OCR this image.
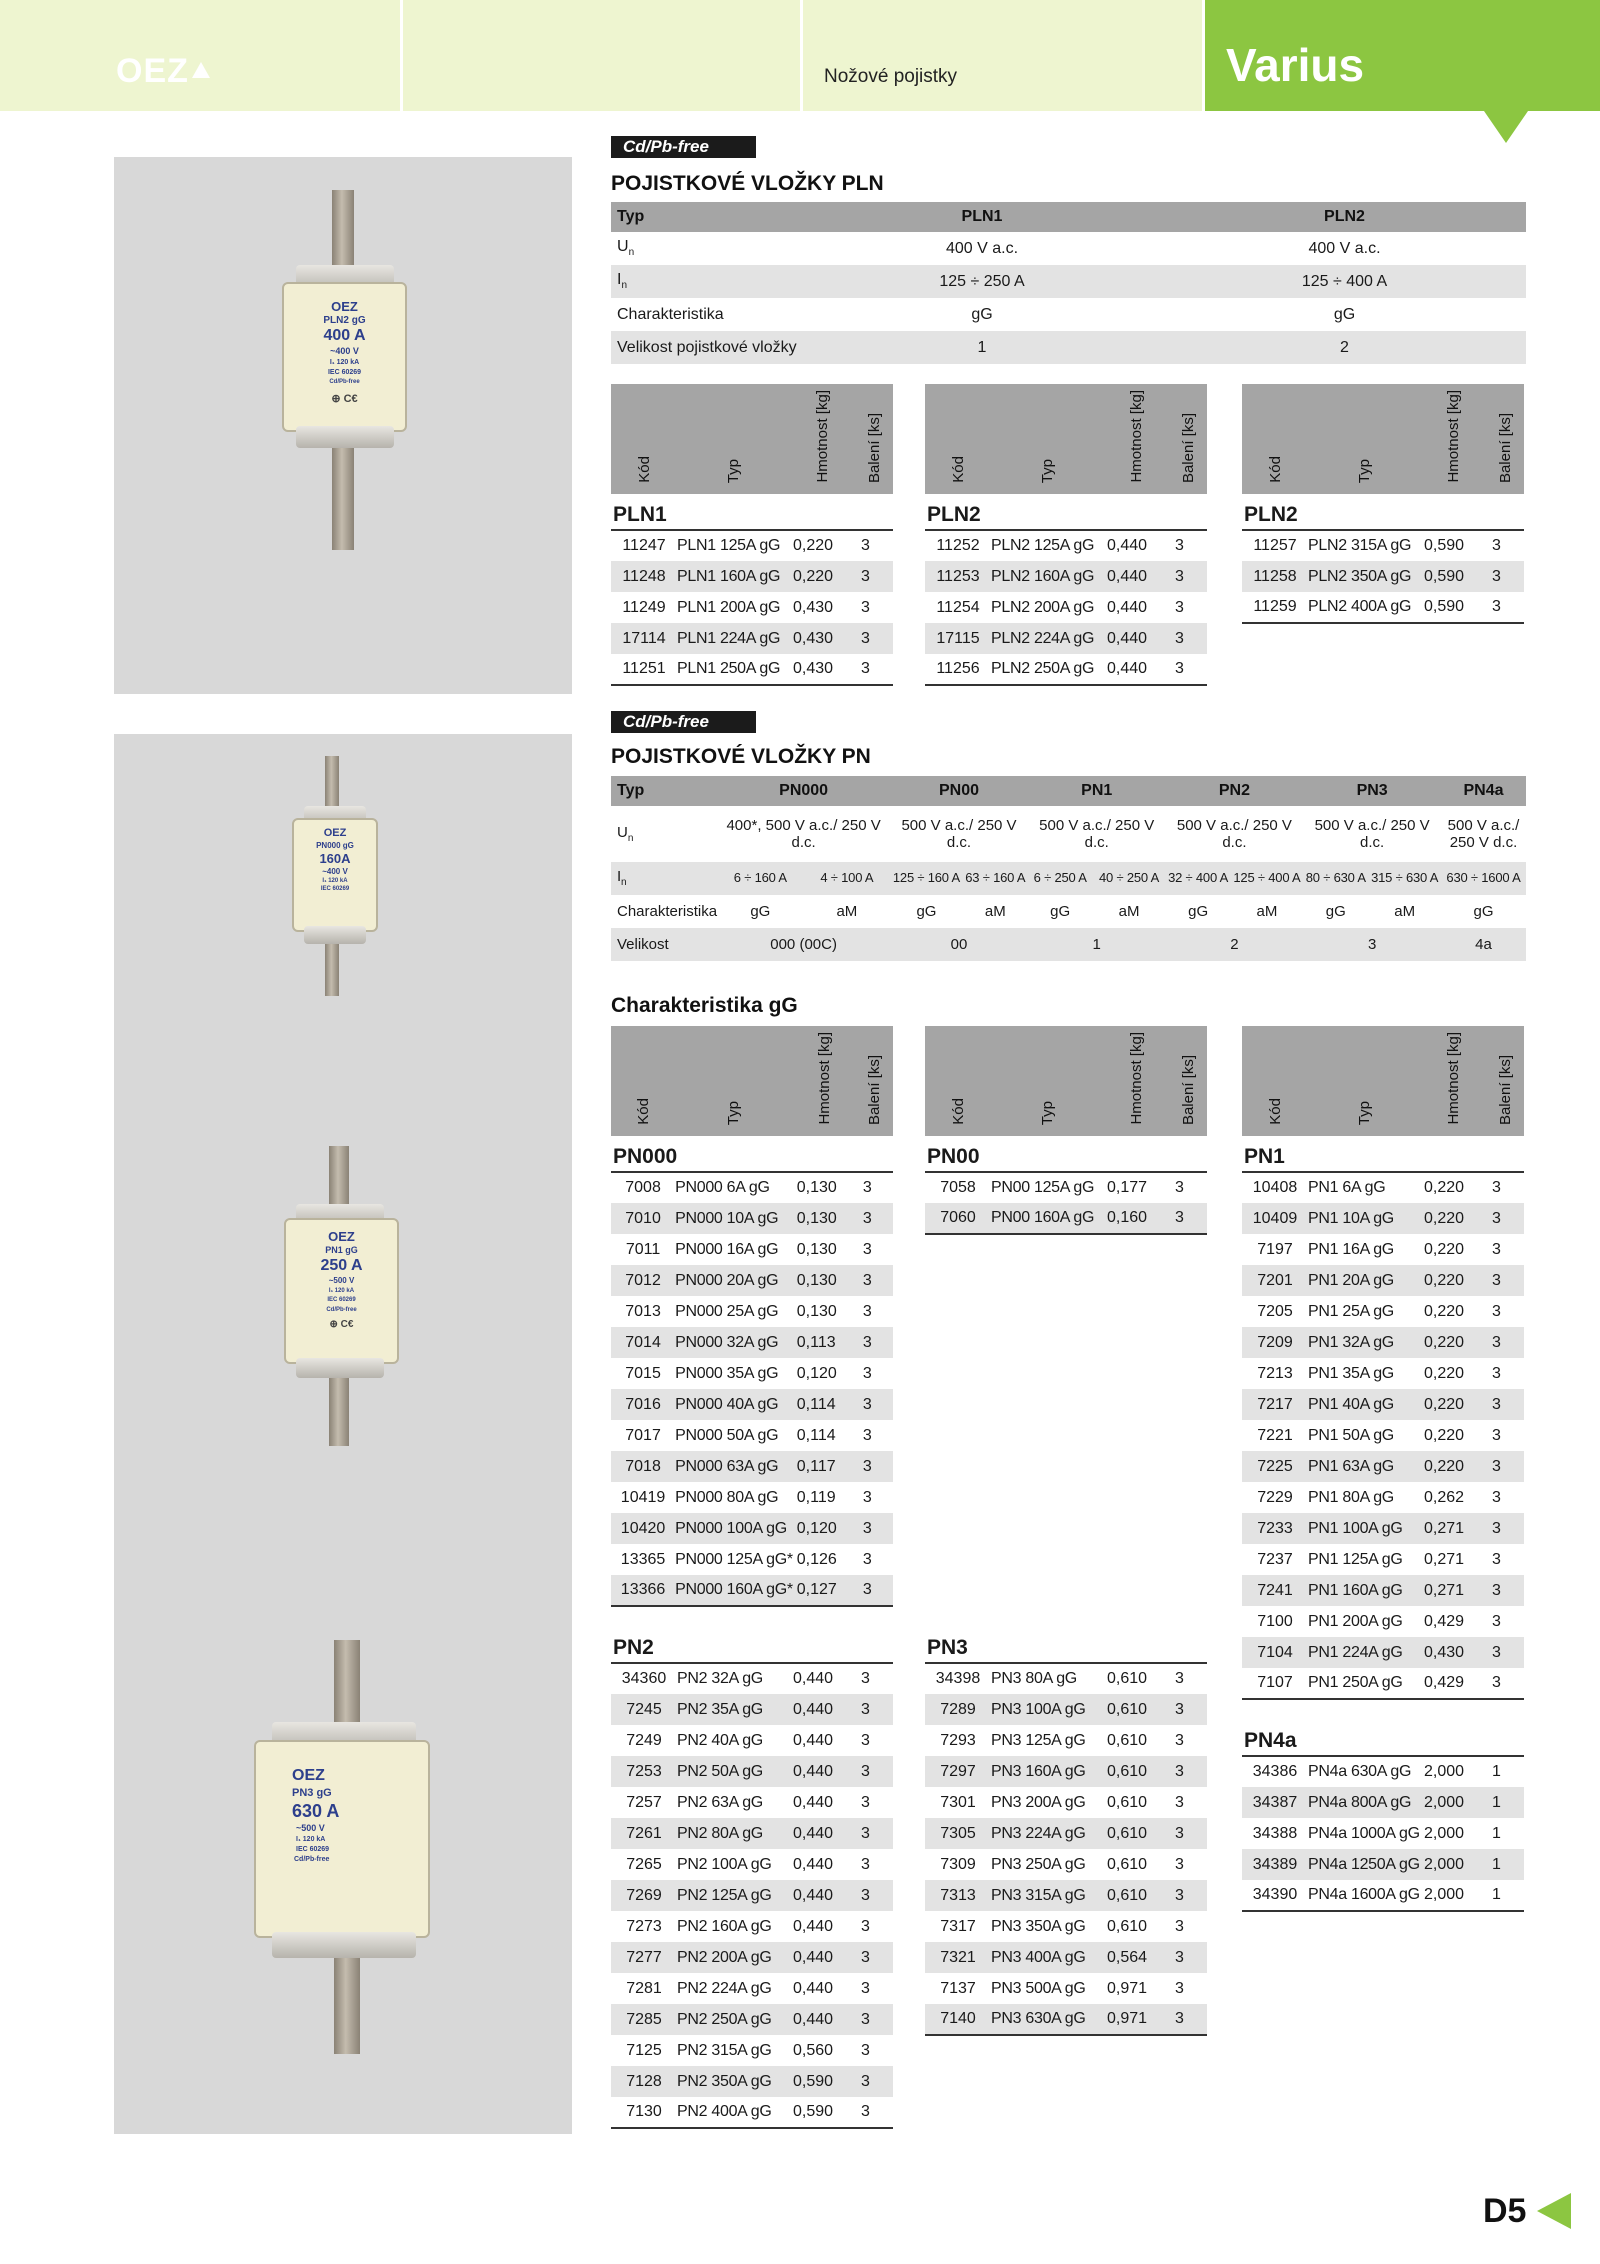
OEZ	Nožové pojistky	Varius
OEZ
PLN2 gG
400 A
~400 V
I₁ 120 kA
IEC 60269
Cd/Pb-free
⊕ C€
OEZ
PN000 gG
160A
~400 V
I₁ 120 kA
IEC 60269
OEZ
PN1 gG
250 A
~500 V
I₁ 120 kA
IEC 60269
Cd/Pb-free
⊕ C€
OEZ
PN3 gG
630 A
~500 V
I₁ 120 kA
IEC 60269
Cd/Pb-free
Cd/Pb-free
POJISTKOVÉ VLOŽKY PLN
Typ	PLN1	PLN2
$U_n$	400 V a.c.	400 V a.c.
$I_n$	125 ÷ 250 A	125 ÷ 400 A
Charakteristika	gG	gG
Velikost pojistkové vložky	1	2
Kód	Typ	Hmotnost [kg]	Balení [ks]
PLN1			
11247	PLN1 125A gG	0,220	3
11248	PLN1 160A gG	0,220	3
11249	PLN1 200A gG	0,430	3
17114	PLN1 224A gG	0,430	3
11251	PLN1 250A gG	0,430	3
Kód	Typ	Hmotnost [kg]	Balení [ks]
PLN2			
11252	PLN2 125A gG	0,440	3
11253	PLN2 160A gG	0,440	3
11254	PLN2 200A gG	0,440	3
17115	PLN2 224A gG	0,440	3
11256	PLN2 250A gG	0,440	3
Kód	Typ	Hmotnost [kg]	Balení [ks]
PLN2			
11257	PLN2 315A gG	0,590	3
11258	PLN2 350A gG	0,590	3
11259	PLN2 400A gG	0,590	3
Cd/Pb-free
POJISTKOVÉ VLOŽKY PN
Typ	PN000		PN00		PN1		PN2		PN3		PN4a
$U_n$	400*, 500 V a.c./ 250 V d.c.		500 V a.c./ 250 V d.c.		500 V a.c./ 250 V d.c.		500 V a.c./ 250 V d.c.		500 V a.c./ 250 V d.c.		500 V a.c./ 250 V d.c.
$I_n$	6 ÷ 160 A	4 ÷ 100 A	125 ÷ 160 A	63 ÷ 160 A	6 ÷ 250 A	40 ÷ 250 A	32 ÷ 400 A	125 ÷ 400 A	80 ÷ 630 A	315 ÷ 630 A	630 ÷ 1600 A
Charakteristika	gG	aM	gG	aM	gG	aM	gG	aM	gG	aM	gG
Velikost	000 (00C)		00		1		2		3		4a
Charakteristika gG
Kód	Typ	Hmotnost [kg]	Balení [ks]
PN000			
7008	PN000 6A gG	0,130	3
7010	PN000 10A gG	0,130	3
7011	PN000 16A gG	0,130	3
7012	PN000 20A gG	0,130	3
7013	PN000 25A gG	0,130	3
7014	PN000 32A gG	0,113	3
7015	PN000 35A gG	0,120	3
7016	PN000 40A gG	0,114	3
7017	PN000 50A gG	0,114	3
7018	PN000 63A gG	0,117	3
10419	PN000 80A gG	0,119	3
10420	PN000 100A gG	0,120	3
13365	PN000 125A gG*	0,126	3
13366	PN000 160A gG*	0,127	3
Kód	Typ	Hmotnost [kg]	Balení [ks]
PN00			
7058	PN00 125A gG	0,177	3
7060	PN00 160A gG	0,160	3
Kód	Typ	Hmotnost [kg]	Balení [ks]
PN1			
10408	PN1 6A gG	0,220	3
10409	PN1 10A gG	0,220	3
7197	PN1 16A gG	0,220	3
7201	PN1 20A gG	0,220	3
7205	PN1 25A gG	0,220	3
7209	PN1 32A gG	0,220	3
7213	PN1 35A gG	0,220	3
7217	PN1 40A gG	0,220	3
7221	PN1 50A gG	0,220	3
7225	PN1 63A gG	0,220	3
7229	PN1 80A gG	0,262	3
7233	PN1 100A gG	0,271	3
7237	PN1 125A gG	0,271	3
7241	PN1 160A gG	0,271	3
7100	PN1 200A gG	0,429	3
7104	PN1 224A gG	0,430	3
7107	PN1 250A gG	0,429	3
PN2			
34360	PN2 32A gG	0,440	3
7245	PN2 35A gG	0,440	3
7249	PN2 40A gG	0,440	3
7253	PN2 50A gG	0,440	3
7257	PN2 63A gG	0,440	3
7261	PN2 80A gG	0,440	3
7265	PN2 100A gG	0,440	3
7269	PN2 125A gG	0,440	3
7273	PN2 160A gG	0,440	3
7277	PN2 200A gG	0,440	3
7281	PN2 224A gG	0,440	3
7285	PN2 250A gG	0,440	3
7125	PN2 315A gG	0,560	3
7128	PN2 350A gG	0,590	3
7130	PN2 400A gG	0,590	3
PN3			
34398	PN3 80A gG	0,610	3
7289	PN3 100A gG	0,610	3
7293	PN3 125A gG	0,610	3
7297	PN3 160A gG	0,610	3
7301	PN3 200A gG	0,610	3
7305	PN3 224A gG	0,610	3
7309	PN3 250A gG	0,610	3
7313	PN3 315A gG	0,610	3
7317	PN3 350A gG	0,610	3
7321	PN3 400A gG	0,564	3
7137	PN3 500A gG	0,971	3
7140	PN3 630A gG	0,971	3
PN4a			
34386	PN4a 630A gG	2,000	1
34387	PN4a 800A gG	2,000	1
34388	PN4a 1000A gG	2,000	1
34389	PN4a 1250A gG	2,000	1
34390	PN4a 1600A gG	2,000	1
D5
